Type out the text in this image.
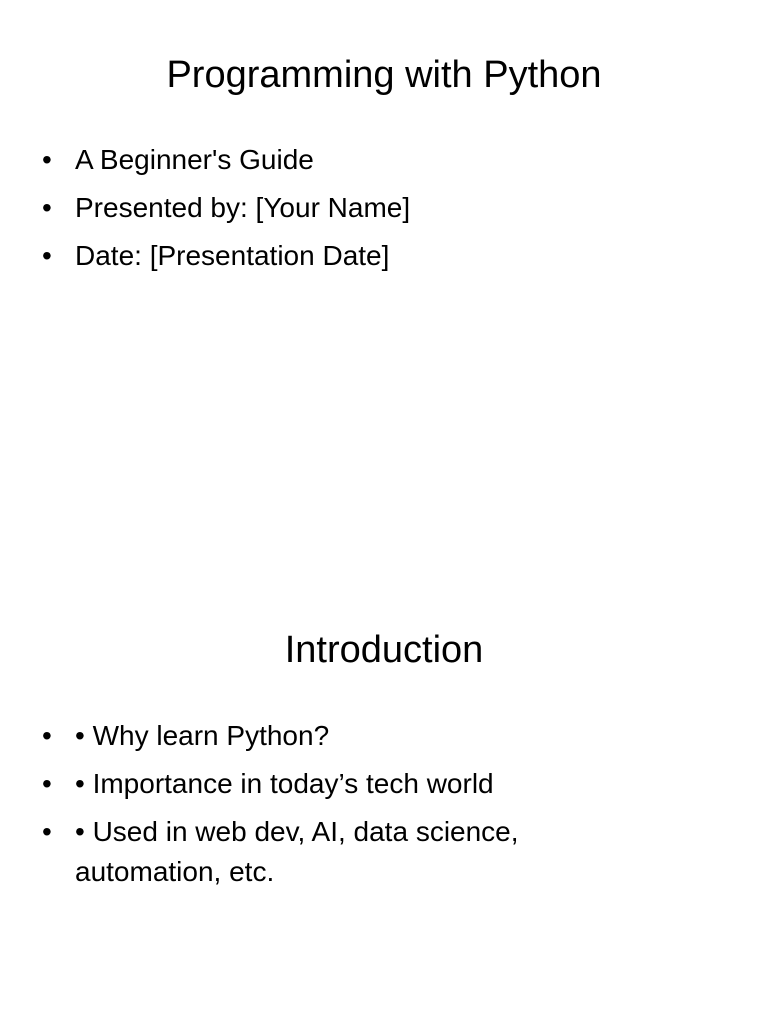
Programming with Python
• A Beginner's Guide
• Presented by: [Your Name]
• Date: [Presentation Date]
Introduction
• • Why learn Python?
• • Importance in today’s tech world
• • Used in web dev, AI, data science, automation, etc.
